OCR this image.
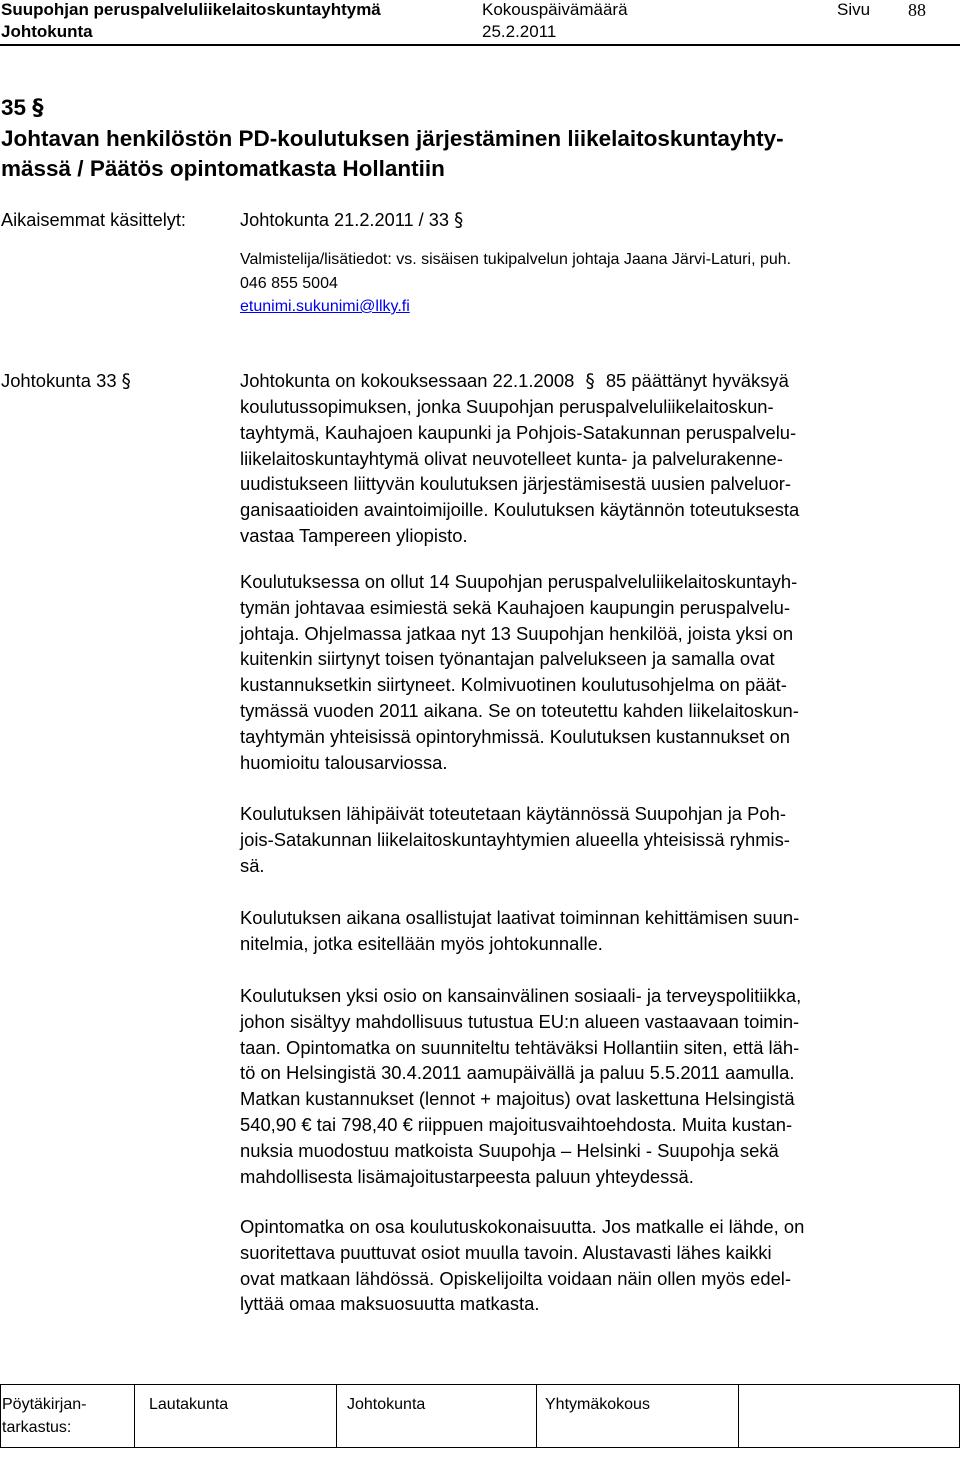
Suupohjan peruspalveluliikelaitoskuntayhtymä
Johtokunta
Kokouspäivämäärä
25.2.2011
Sivu 88
35 §
Johtavan henkilöstön PD-koulutuksen järjestäminen liikelaitoskuntayhty-
mässä / Päätös opintomatkasta Hollantiin
Aikaisemmat käsittelyt:	Johtokunta 21.2.2011 / 33 §
Valmistelija/lisätiedot: vs. sisäisen tukipalvelun johtaja Jaana Järvi-Laturi, puh.
046 855 5004
etunimi.sukunimi@llky.fi
Johtokunta 33 §	Johtokunta on kokouksessaan 22.1.2008 § 85 päättänyt hyväksyä
koulutussopimuksen, jonka Suupohjan peruspalveluliikelaitoskun-
tayhtymä, Kauhajoen kaupunki ja Pohjois-Satakunnan peruspalvelu-
liikelaitoskuntayhtymä olivat neuvotelleet kunta- ja palvelurakenne-
uudistukseen liittyvän koulutuksen järjestämisestä uusien palveluor-
ganisaatioiden avaintoimijoille. Koulutuksen käytännön toteutuksesta
vastaa Tampereen yliopisto.
Koulutuksessa on ollut 14 Suupohjan peruspalveluliikelaitoskuntayh-
tymän johtavaa esimiestä sekä Kauhajoen kaupungin peruspalvelu-
johtaja. Ohjelmassa jatkaa nyt 13 Suupohjan henkilöä, joista yksi on
kuitenkin siirtynyt toisen työnantajan palvelukseen ja samalla ovat
kustannuksetkin siirtyneet. Kolmivuotinen koulutusohjelma on päät-
tymässä vuoden 2011 aikana. Se on toteutettu kahden liikelaitoskun-
tayhtymän yhteisissä opintoryhmissä. Koulutuksen kustannukset on
huomioitu talousarviossa.
Koulutuksen lähipäivät toteutetaan käytännössä Suupohjan ja Poh-
jois-Satakunnan liikelaitoskuntayhtymien alueella yhteisissä ryhmis-
sä.
Koulutuksen aikana osallistujat laativat toiminnan kehittämisen suun-
nitelmia, jotka esitellään myös johtokunnalle.
Koulutuksen yksi osio on kansainvälinen sosiaali- ja terveyspolitiikka,
johon sisältyy mahdollisuus tutustua EU:n alueen vastaavaan toimin-
taan. Opintomatka on suunniteltu tehtäväksi Hollantiin siten, että läh-
tö on Helsingistä 30.4.2011 aamupäivällä ja paluu 5.5.2011 aamulla.
Matkan kustannukset (lennot + majoitus) ovat laskettuna Helsingistä
540,90 € tai 798,40 € riippuen majoitusvaihtoehdosta. Muita kustan-
nuksia muodostuu matkoista Suupohja – Helsinki - Suupohja sekä
mahdollisesta lisämajoitustarpeesta paluun yhteydessä.
Opintomatka on osa koulutuskokonaisuutta. Jos matkalle ei lähde, on
suoritettava puuttuvat osiot muulla tavoin. Alustavasti lähes kaikki
ovat matkaan lähdössä. Opiskelijoilta voidaan näin ollen myös edel-
lyttää omaa maksuosuutta matkasta.
Pöytäkirjan-
tarkastus:
Lautakunta	Johtokunta	Yhtymäkokous
